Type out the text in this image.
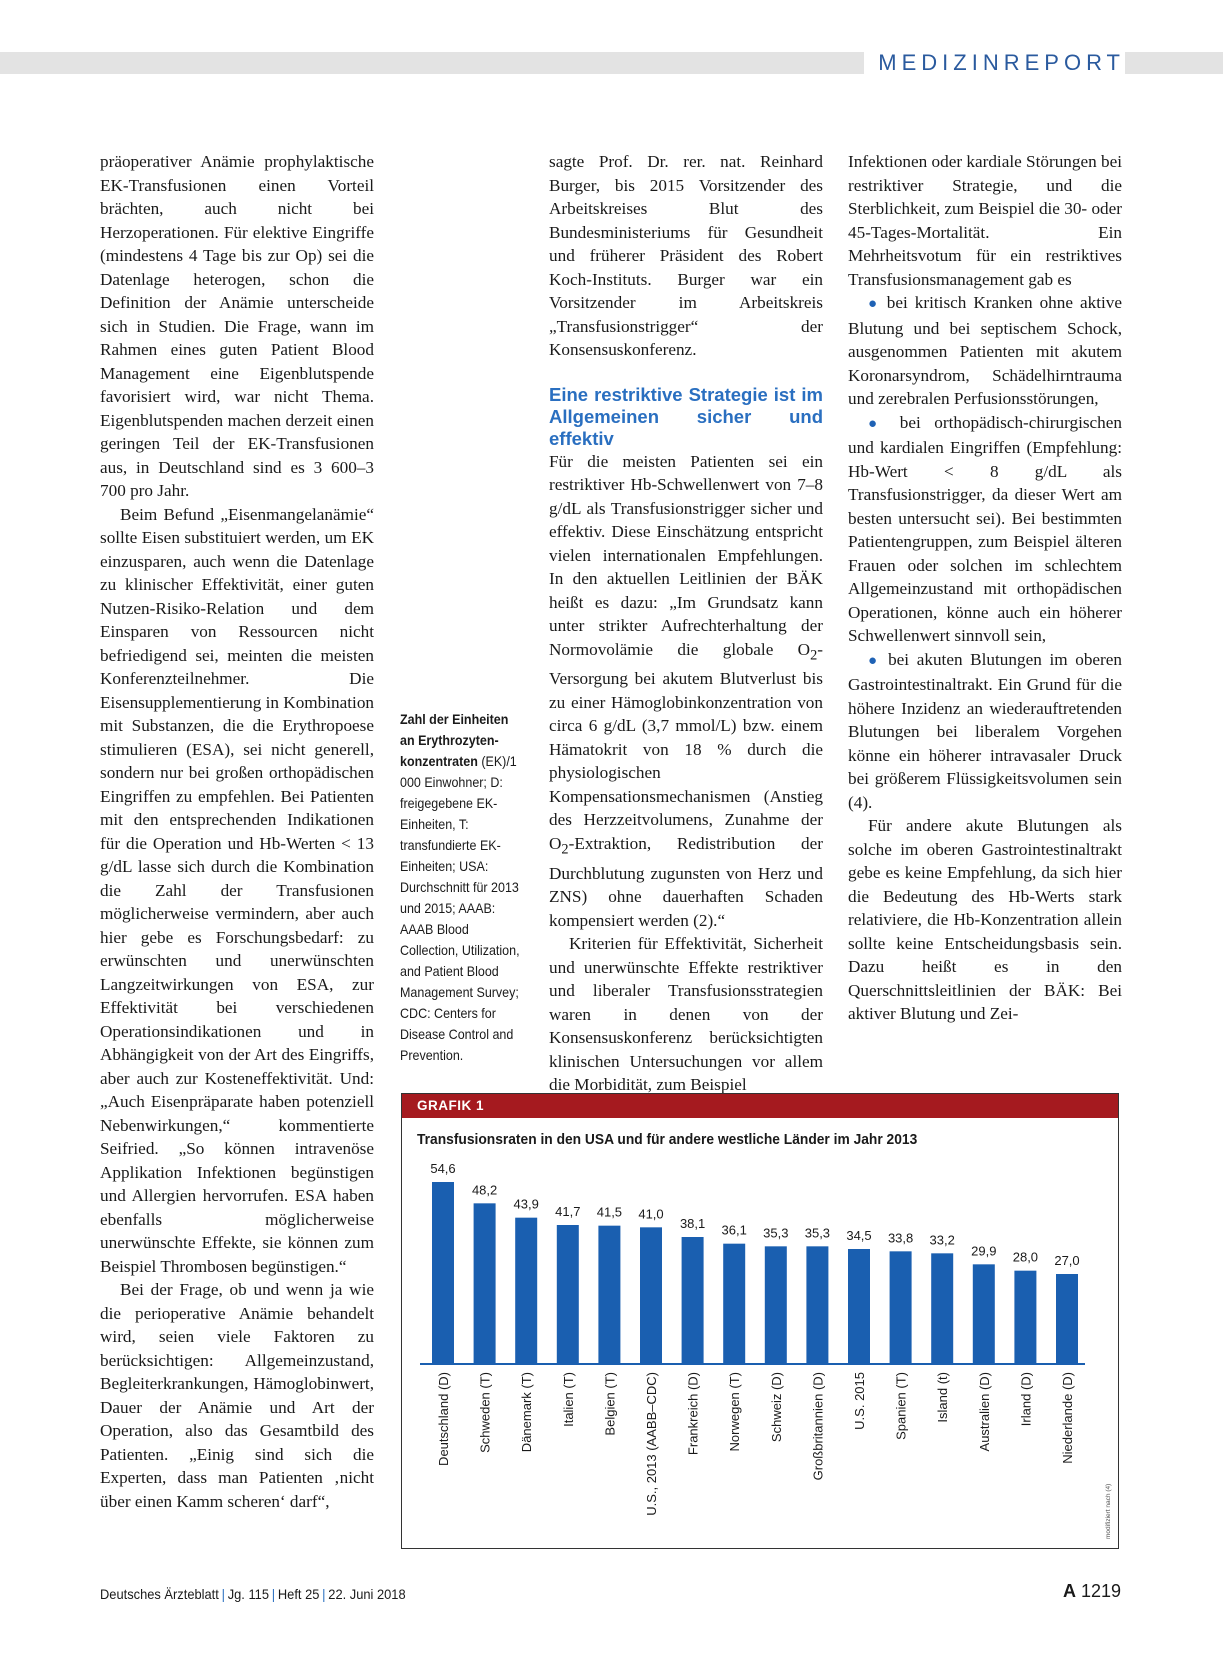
MEDIZINREPORT

präoperativer Anämie prophylaktische EK-Transfusionen einen Vorteil brächten, auch nicht bei Herzoperationen. Für elektive Eingriffe (mindestens 4 Tage bis zur Op) sei die Datenlage heterogen, schon die Definition der Anämie unterscheide sich in Studien. Die Frage, wann im Rahmen eines guten Patient Blood Management eine Eigenblutspende favorisiert wird, war nicht Thema. Eigenblutspenden machen derzeit einen geringen Teil der EK-Transfusionen aus, in Deutschland sind es 3 600–3 700 pro Jahr.

Beim Befund „Eisenmangelanämie“ sollte Eisen substituiert werden, um EK einzusparen, auch wenn die Datenlage zu klinischer Effektivität, einer guten Nutzen-Risiko-Relation und dem Einsparen von Ressourcen nicht befriedigend sei, meinten die meisten Konferenzteilnehmer. Die Eisensupplementierung in Kombination mit Substanzen, die die Erythropoese stimulieren (ESA), sei nicht generell, sondern nur bei großen orthopädischen Eingriffen zu empfehlen. Bei Patienten mit den entsprechenden Indikationen für die Operation und Hb-Werten < 13 g/dL lasse sich durch die Kombination die Zahl der Transfusionen möglicherweise vermindern, aber auch hier gebe es Forschungsbedarf: zu erwünschten und unerwünschten Langzeitwirkungen von ESA, zur Effektivität bei verschiedenen Operationsindikationen und in Abhängigkeit von der Art des Eingriffs, aber auch zur Kosteneffektivität. Und: „Auch Eisenpräparate haben potenziell Nebenwirkungen,“ kommentierte Seifried. „So können intravenöse Applikation Infektionen begünstigen und Allergien hervorrufen. ESA haben ebenfalls möglicherweise unerwünschte Effekte, sie können zum Beispiel Thrombosen begünstigen.“

Bei der Frage, ob und wenn ja wie die perioperative Anämie behandelt wird, seien viele Faktoren zu berücksichtigen: Allgemeinzustand, Begleiterkrankungen, Hämoglobinwert, Dauer der Anämie und Art der Operation, also das Gesamtbild des Patienten. „Einig sind sich die Experten, dass man Patienten ‚nicht über einen Kamm scheren‘ darf“,

sagte Prof. Dr. rer. nat. Reinhard Burger, bis 2015 Vorsitzender des Arbeitskreises Blut des Bundesministeriums für Gesundheit und früherer Präsident des Robert Koch-Instituts. Burger war ein Vorsitzender im Arbeitskreis „Transfusionstrigger“ der Konsensuskonferenz.

Eine restriktive Strategie ist im Allgemeinen sicher und effektiv

Für die meisten Patienten sei ein restriktiver Hb-Schwellenwert von 7–8 g/dL als Transfusionstrigger sicher und effektiv. Diese Einschätzung entspricht vielen internationalen Empfehlungen. In den aktuellen Leitlinien der BÄK heißt es dazu: „Im Grundsatz kann unter strikter Aufrechterhaltung der Normovolämie die globale $O_2$-Versorgung bei akutem Blutverlust bis zu einer Hämoglobinkonzentration von circa 6 g/dL (3,7 mmol/L) bzw. einem Hämatokrit von 18 % durch die physiologischen Kompensationsmechanismen (Anstieg des Herzzeitvolumens, Zunahme der $O_2$-Extraktion, Redistribution der Durchblutung zugunsten von Herz und ZNS) ohne dauerhaften Schaden kompensiert werden (2).“

Kriterien für Effektivität, Sicherheit und unerwünschte Effekte restriktiver und liberaler Transfusionsstrategien waren in denen von der Konsensuskonferenz berücksichtigten klinischen Untersuchungen vor allem die Morbidität, zum Beispiel

Infektionen oder kardiale Störungen bei restriktiver Strategie, und die Sterblichkeit, zum Beispiel die 30- oder 45-Tages-Mortalität. Ein Mehrheitsvotum für ein restriktives Transfusionsmanagement gab es

● bei kritisch Kranken ohne aktive Blutung und bei septischem Schock, ausgenommen Patienten mit akutem Koronarsyndrom, Schädelhirntrauma und zerebralen Perfusionsstörungen,

● bei orthopädisch-chirurgischen und kardialen Eingriffen (Empfehlung: Hb-Wert < 8 g/dL als Transfusionstrigger, da dieser Wert am besten untersucht sei). Bei bestimmten Patientengruppen, zum Beispiel älteren Frauen oder solchen im schlechtem Allgemeinzustand mit orthopädischen Operationen, könne auch ein höherer Schwellenwert sinnvoll sein,

● bei akuten Blutungen im oberen Gastrointestinaltrakt. Ein Grund für die höhere Inzidenz an wiederauftretenden Blutungen bei liberalem Vorgehen könne ein höherer intravasaler Druck bei größerem Flüssigkeitsvolumen sein (4).

Für andere akute Blutungen als solche im oberen Gastrointestinaltrakt gebe es keine Empfehlung, da sich hier die Bedeutung des Hb-Werts stark relativiere, die Hb-Konzentration allein sollte keine Entscheidungsbasis sein. Dazu heißt es in den Querschnittsleitlinien der BÄK: Bei aktiver Blutung und Zei-

Zahl der Einheiten an Erythrozyten- konzentraten (EK)/1 000 Einwohner; D: freigegebene EK-Einheiten, T: transfundierte EK-Einheiten; USA: Durchschnitt für 2013 und 2015; AAAB: AAAB Blood Collection, Utilization, and Patient Blood Management Survey; CDC: Centers for Disease Control and Prevention.
GRAFIK 1
Transfusionsraten in den USA und für andere westliche Länder im Jahr 2013
54,6
Deutschland (D)
48,2
Schweden (T)
43,9
Dänemark (T)
41,7
Italien (T)
41,5
Belgien (T)
41,0
U.S., 2013 (AABB–CDC)
38,1
Frankreich (D)
36,1
Norwegen (T)
35,3
Schweiz (D)
35,3
Großbritannien (D)
34,5
U.S. 2015
33,8
Spanien (T)
33,2
Island (t)
29,9
Australien (D)
28,0
Irland (D)
27,0
Niederlande (D)
modifiziert nach (4)
Deutsches Ärzteblatt | Jg. 115 | Heft 25 | 22. Juni 2018	A 1219
